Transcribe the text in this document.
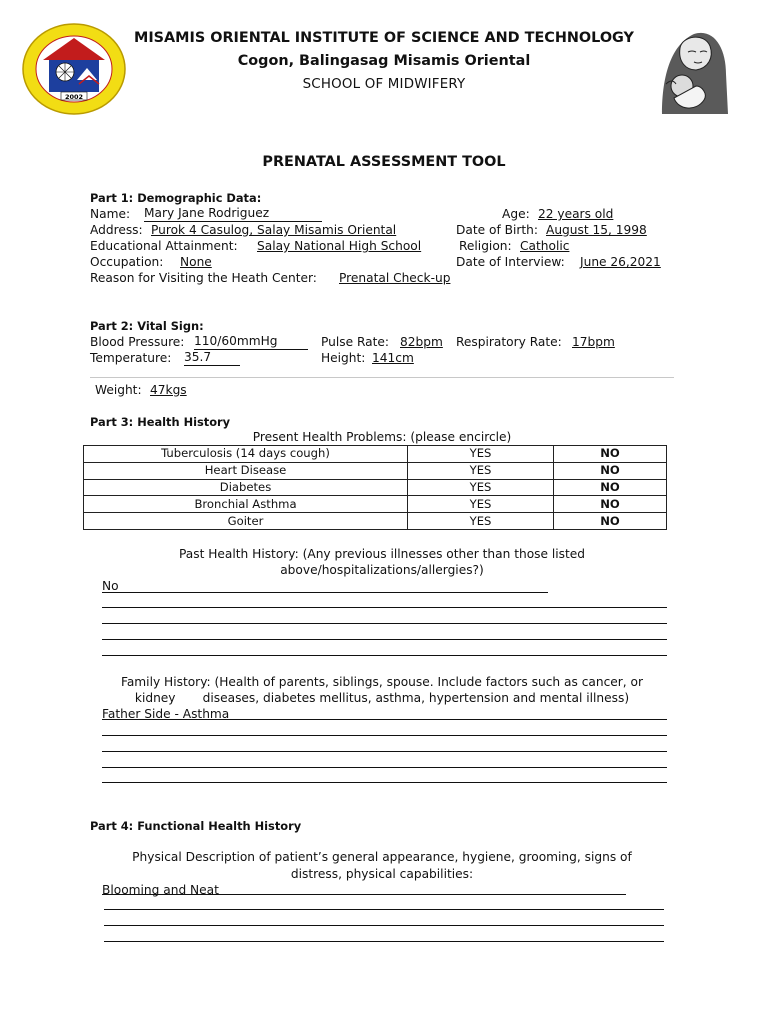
2002
MISAMIS ORIENTAL INSTITUTE OF SCIENCE AND TECHNOLOGY
Cogon, Balingasag Misamis Oriental
SCHOOL OF MIDWIFERY
PRENATAL ASSESSMENT TOOL
Part 1: Demographic Data:
Name: Mary Jane Rodriguez	Age: 22 years old
Address: Purok 4 Casulog, Salay Misamis Oriental	Date of Birth: August 15, 1998
Educational Attainment: Salay National High School	Religion: Catholic
Occupation: None	Date of Interview: June 26,2021
Reason for Visiting the Heath Center: Prenatal Check-up
Part 2: Vital Sign:
Blood Pressure: 110/60mmHg	Pulse Rate: 82bpm Respiratory Rate: 17bpm
Temperature: 35.7	Height: 141cm
Weight: 47kgs
Part 3: Health History
Present Health Problems: (please encircle)
Tuberculosis (14 days cough)	YES	NO
Heart Disease	YES	NO
Diabetes	YES	NO
Bronchial Asthma	YES	NO
Goiter	YES	NO
Past Health History: (Any previous illnesses other than those listed
above/hospitalizations/allergies?)
No
Family History: (Health of parents, siblings, spouse. Include factors such as cancer, or
kidney       diseases, diabetes mellitus, asthma, hypertension and mental illness)
Father Side - Asthma
Part 4: Functional Health History
Physical Description of patient’s general appearance, hygiene, grooming, signs of
distress, physical capabilities:
Blooming and Neat
